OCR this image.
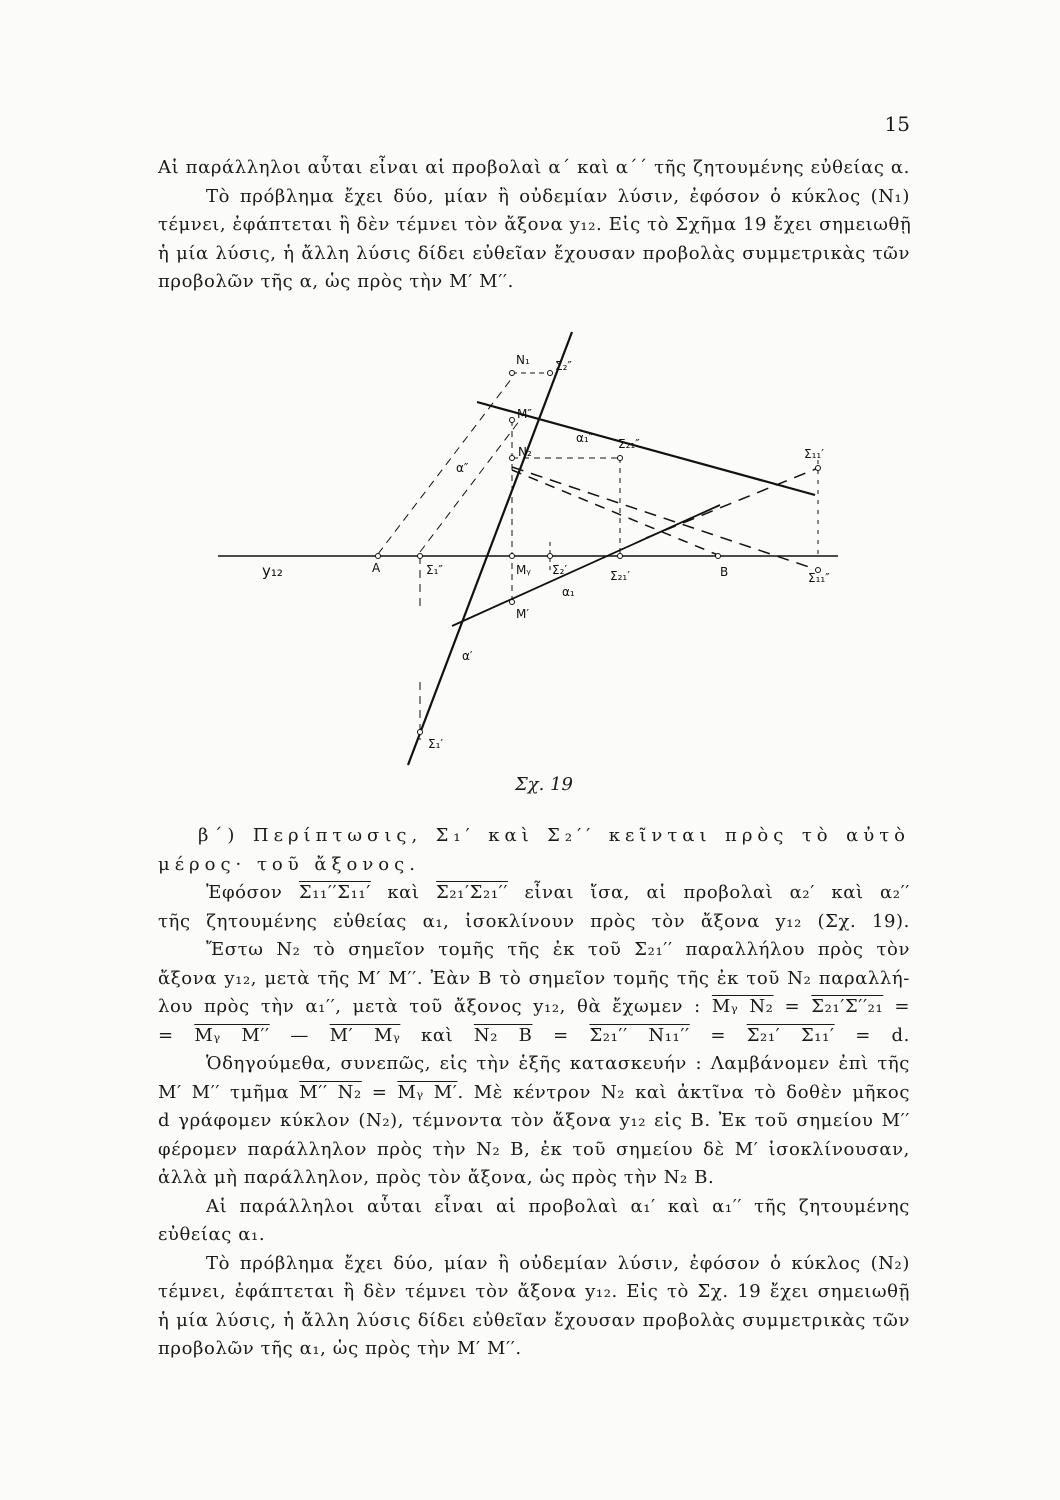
15
Αἱ παράλληλοι αὗται εἶναι αἱ προβολαὶ α΄ καὶ α΄΄ τῆς ζητουμένης εὐθείας α.
Τὸ πρόβλημα ἔχει δύο, μίαν ἢ οὐδεμίαν λύσιν, ἐφόσον ὁ κύκλος (N₁)
τέμνει, ἐφάπτεται ἢ δὲν τέμνει τὸν ἄξονα y₁₂. Εἰς τὸ Σχῆμα 19 ἔχει σημειωθῇ
ἡ μία λύσις, ἡ ἄλλη λύσις δίδει εὐθεῖαν ἔχουσαν προβολὰς συμμετρικὰς τῶν
προβολῶν τῆς α, ὡς πρὸς τὴν M′ M′′.
N₁ Σ₂″
M″
α″
α₁″
N₂
Σ₂₁″
Σ₁₁′
y₁₂	A	Σ₁″	Mᵧ Σ₂′	Σ₂₁′	B	Σ₁₁″
α₁
M′
α′
Σ₁′
Σχ. 19
β΄) Περίπτωσις, Σ₁′ καὶ Σ₂′′ κεῖνται πρὸς τὸ αὐτὸ
μέρος· τοῦ ἄξονος.
Ἐφόσον Σ₁₁′′Σ₁₁′ καὶ Σ₂₁′Σ₂₁′′ εἶναι ἴσα, αἱ προβολαὶ α₂′ καὶ α₂′′
τῆς ζητουμένης εὐθείας α₁, ἰσοκλίνουν πρὸς τὸν ἄξονα y₁₂ (Σχ. 19).
Ἔστω N₂ τὸ σημεῖον τομῆς τῆς ἐκ τοῦ Σ₂₁′′ παραλλήλου πρὸς τὸν
ἄξονα y₁₂, μετὰ τῆς M′ M′′. Ἐὰν B τὸ σημεῖον τομῆς τῆς ἐκ τοῦ N₂ παραλλή-
λου πρὸς τὴν α₁′′, μετὰ τοῦ ἄξονος y₁₂, θὰ ἔχωμεν : Mᵧ N₂ = Σ₂₁′Σ′′₂₁ =
= Mᵧ M′′ — M′ Mᵧ καὶ N₂ B = Σ₂₁′′ N₁₁′′ = Σ₂₁′ Σ₁₁′ = d.
Ὁδηγούμεθα, συνεπῶς, εἰς τὴν ἑξῆς κατασκευήν : Λαμβάνομεν ἐπὶ τῆς
M′ M′′ τμῆμα M′′ N₂ = Mᵧ M′. Μὲ κέντρον N₂ καὶ ἀκτῖνα τὸ δοθὲν μῆκος
d γράφομεν κύκλον (N₂), τέμνοντα τὸν ἄξονα y₁₂ εἰς B. Ἐκ τοῦ σημείου M′′
φέρομεν παράλληλον πρὸς τὴν N₂ B, ἐκ τοῦ σημείου δὲ M′ ἰσοκλίνουσαν,
ἀλλὰ μὴ παράλληλον, πρὸς τὸν ἄξονα, ὡς πρὸς τὴν N₂ B.
Αἱ παράλληλοι αὗται εἶναι αἱ προβολαὶ α₁′ καὶ α₁′′ τῆς ζητουμένης
εὐθείας α₁.
Τὸ πρόβλημα ἔχει δύο, μίαν ἢ οὐδεμίαν λύσιν, ἐφόσον ὁ κύκλος (N₂)
τέμνει, ἐφάπτεται ἢ δὲν τέμνει τὸν ἄξονα y₁₂. Εἰς τὸ Σχ. 19 ἔχει σημειωθῇ
ἡ μία λύσις, ἡ ἄλλη λύσις δίδει εὐθεῖαν ἔχουσαν προβολὰς συμμετρικὰς τῶν
προβολῶν τῆς α₁, ὡς πρὸς τὴν M′ M′′.
